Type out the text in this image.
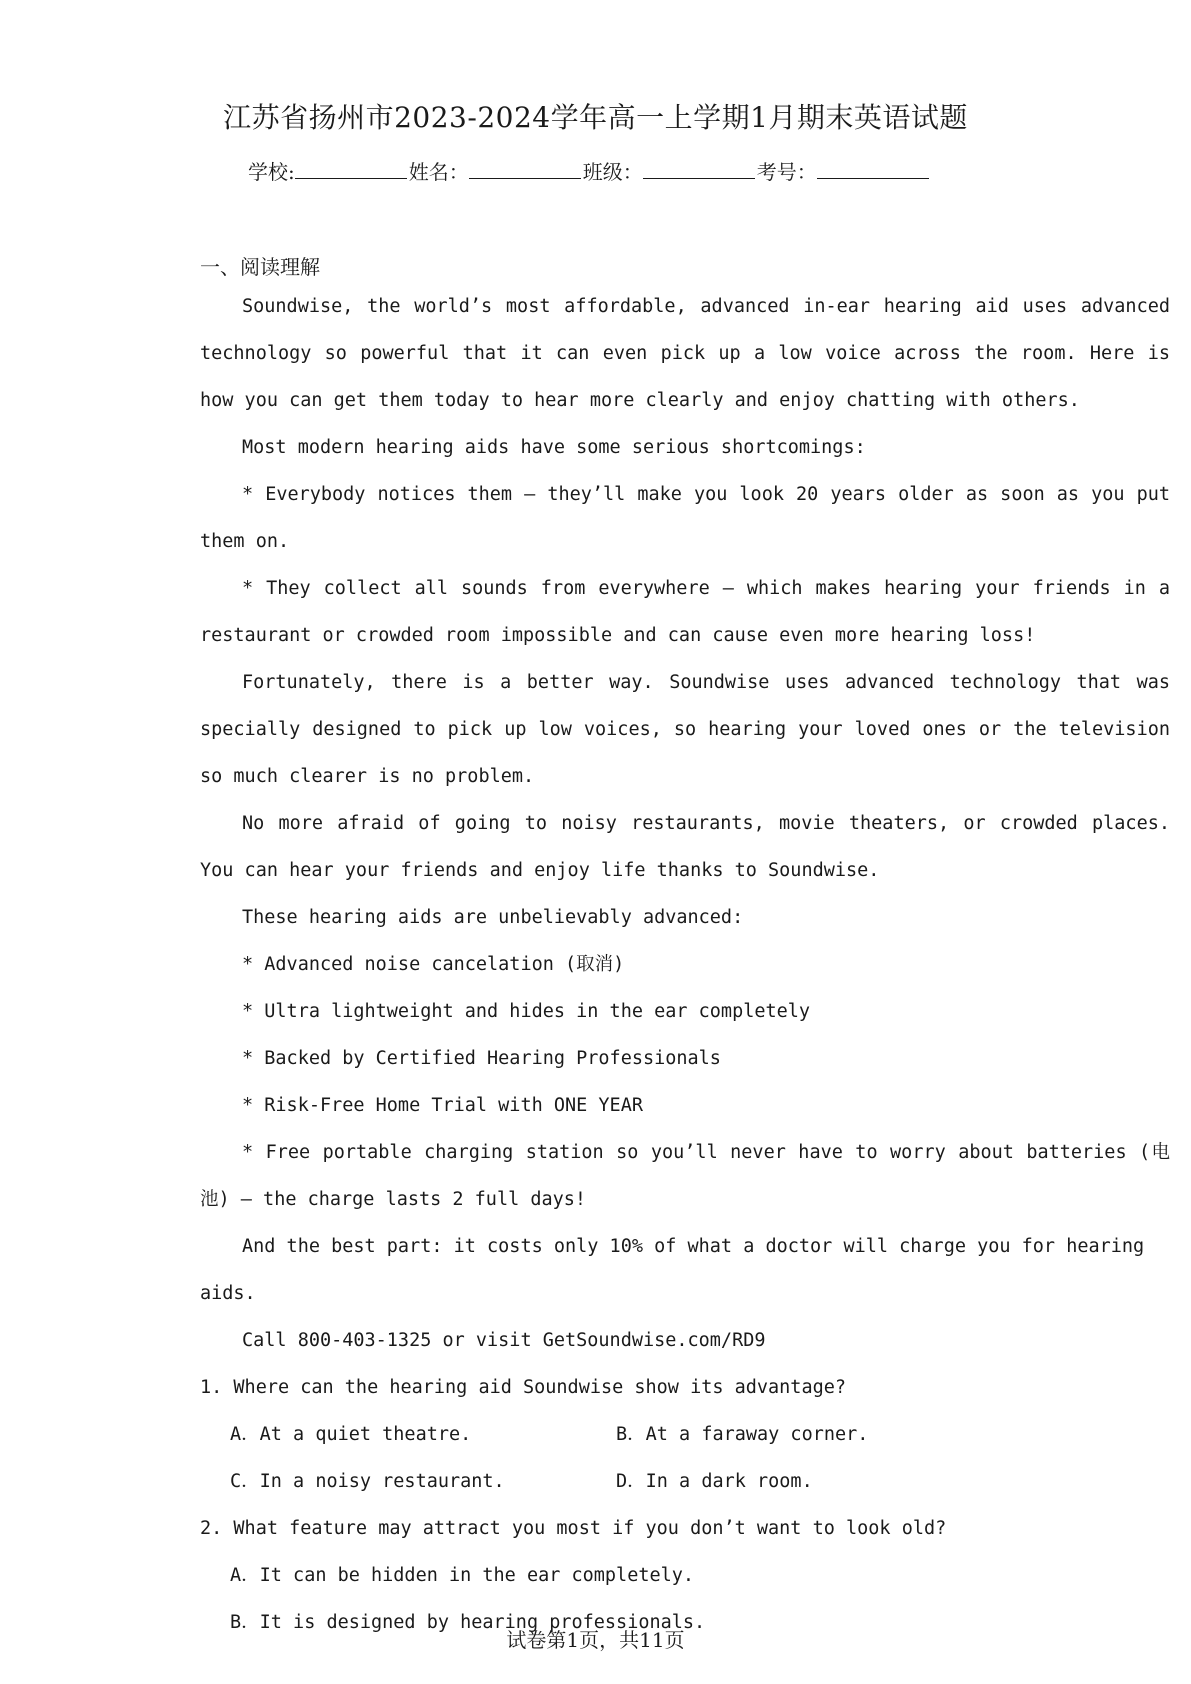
江苏省扬州市2023-2024学年高一上学期1月期末英语试题
学校:	姓名：	班级：	考号：
一、阅读理解

Soundwise, the world’s most affordable, advanced in-ear hearing aid uses advanced technology so powerful that it can even pick up a low voice across the room. Here is how you can get them today to hear more clearly and enjoy chatting with others.

Most modern hearing aids have some serious shortcomings:

* Everybody notices them — they’ll make you look 20 years older as soon as you put them on.

* They collect all sounds from everywhere — which makes hearing your friends in a restaurant or crowded room impossible and can cause even more hearing loss!

Fortunately, there is a better way. Soundwise uses advanced technology that was specially designed to pick up low voices, so hearing your loved ones or the television so much clearer is no problem.

No more afraid of going to noisy restaurants, movie theaters, or crowded places. You can hear your friends and enjoy life thanks to Soundwise.

These hearing aids are unbelievably advanced:

* Advanced noise cancelation (取消)

* Ultra lightweight and hides in the ear completely

* Backed by Certified Hearing Professionals

* Risk-Free Home Trial with ONE YEAR

* Free portable charging station so you’ll never have to worry about batteries (电池) — the charge lasts 2 full days!

And the best part: it costs only 10% of what a doctor will charge you for hearing aids.

Call 800-403-1325 or visit GetSoundwise.com/RD9

1. Where can the hearing aid Soundwise show its advantage?

A．At a quiet theatre.	B．At a faraway corner.
C．In a noisy restaurant.	D．In a dark room.

2. What feature may attract you most if you don’t want to look old?

A．It can be hidden in the ear completely.
B．It is designed by hearing professionals.
试卷第1页，共11页
